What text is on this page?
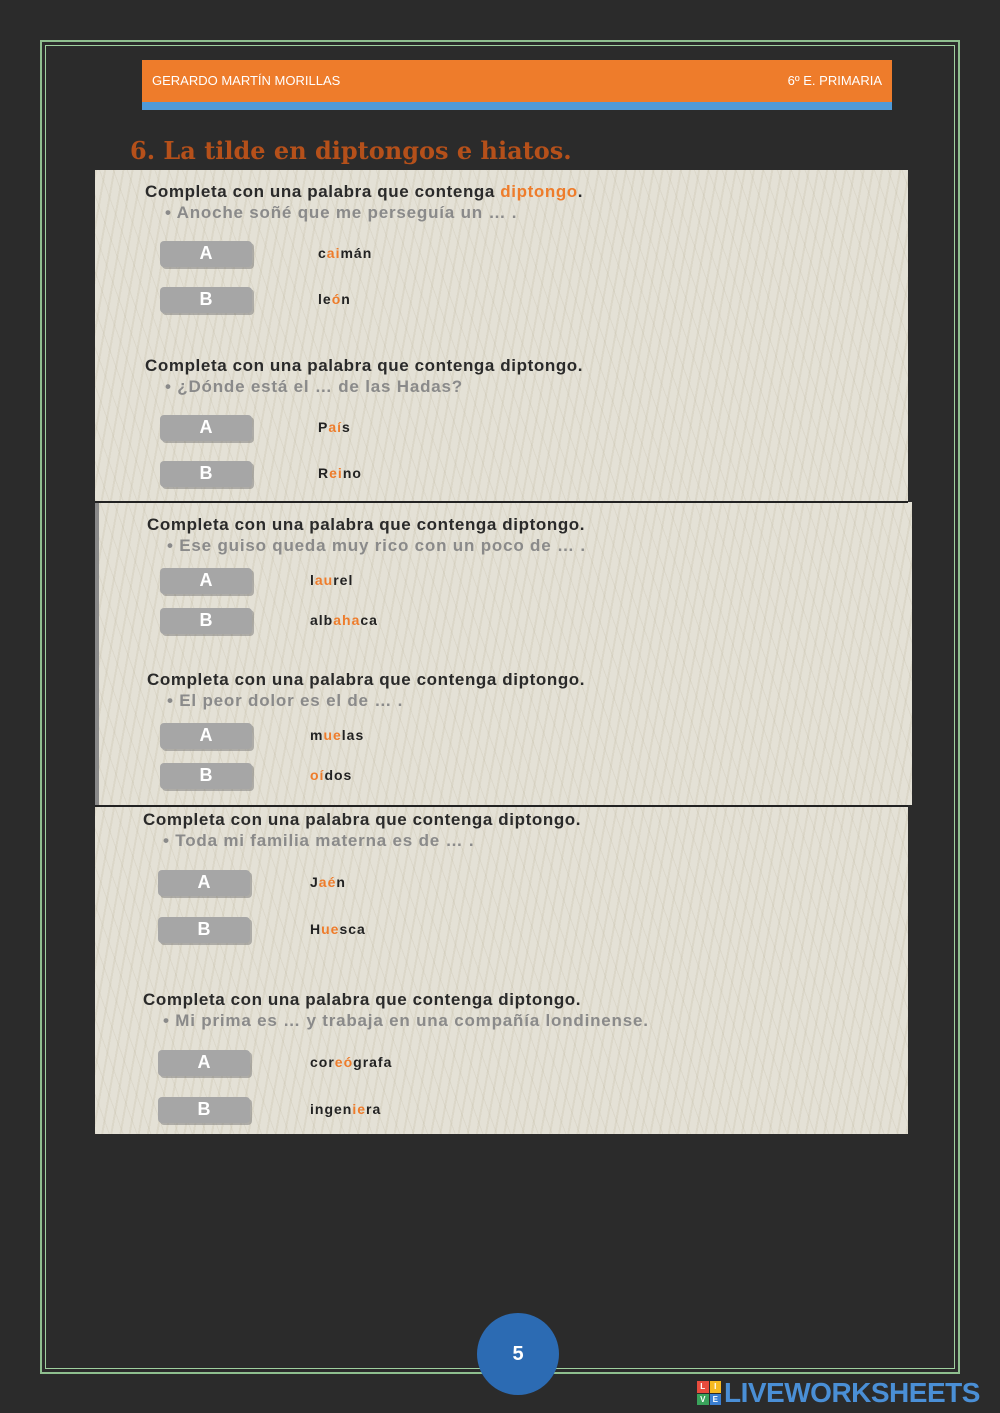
GERARDO MARTÍN MORILLAS	6º E. PRIMARIA
6. La tilde en diptongos e hiatos.
Completa con una palabra que contenga diptongo.
• Anoche soñé que me perseguía un … .
A	caimán
B	león
Completa con una palabra que contenga diptongo.
• ¿Dónde está el … de las Hadas?
A	País
B	Reino
Completa con una palabra que contenga diptongo.
• Ese guiso queda muy rico con un poco de … .
A	laurel
B	albahaca
Completa con una palabra que contenga diptongo.
• El peor dolor es el de … .
A	muelas
B	oídos
Completa con una palabra que contenga diptongo.
• Toda mi familia materna es de … .
A	Jaén
B	Huesca
Completa con una palabra que contenga diptongo.
• Mi prima es … y trabaja en una compañía londinense.
A	coreógrafa
B	ingeniera
5
L	I
V E LIVEWORKSHEETS
